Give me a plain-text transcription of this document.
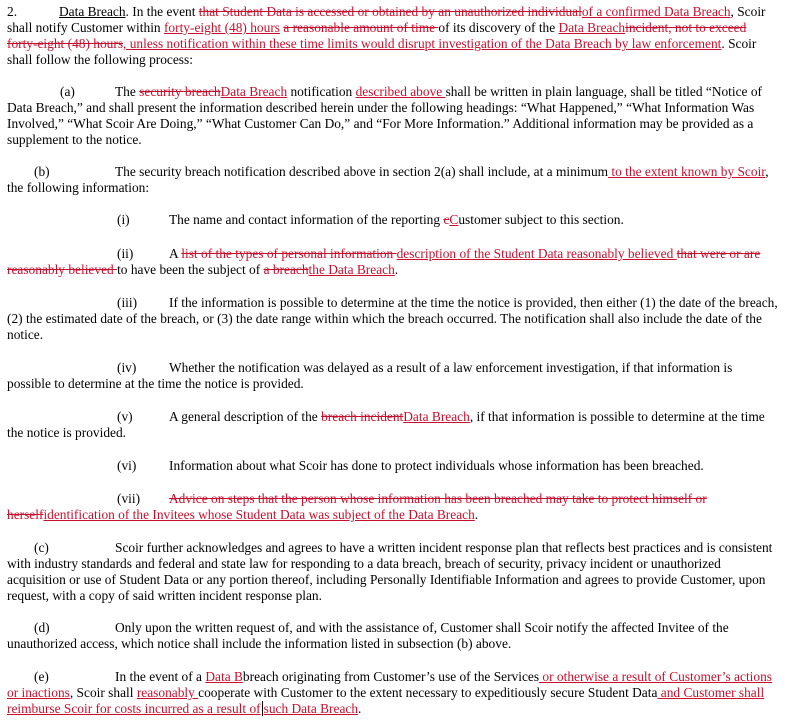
2.	Data Breach. In the event that Student Data is accessed or obtained by an unauthorized individualof a confirmed Data Breach, Scoir shall notify Customer within forty-eight (48) hours a reasonable amount of time of its discovery of the Data Breachincident, not to exceed forty-eight (48) hours, unless notification within these time limits would disrupt investigation of the Data Breach by law enforcement. Scoir shall follow the following process:

(a)	The security breachData Breach notification described above shall be written in plain language, shall be titled “Notice of Data Breach,” and shall present the information described herein under the following headings: “What Happened,” “What Information Was Involved,” “What Scoir Are Doing,” “What Customer Can Do,” and “For More Information.” Additional information may be provided as a supplement to the notice.

(b)	The security breach notification described above in section 2(a) shall include, at a minimum to the extent known by Scoir, the following information:

(i)	The name and contact information of the reporting cCustomer subject to this section.

(ii)	A list of the types of personal information description of the Student Data reasonably believed that were or are reasonably believed to have been the subject of a breachthe Data Breach.

(iii) If the information is possible to determine at the time the notice is provided, then either (1) the date of the breach, (2) the estimated date of the breach, or (3) the date range within which the breach occurred. The notification shall also include the date of the notice.

(iv) Whether the notification was delayed as a result of a law enforcement investigation, if that information is possible to determine at the time the notice is provided.

(v)	A general description of the breach incidentData Breach, if that information is possible to determine at the time the notice is provided.

(vi) Information about what Scoir has done to protect individuals whose information has been breached.

(vii) Advice on steps that the person whose information has been breached may take to protect himself or herselfidentification of the Invitees whose Student Data was subject of the Data Breach.

(c)	Scoir further acknowledges and agrees to have a written incident response plan that reflects best practices and is consistent with industry standards and federal and state law for responding to a data breach, breach of security, privacy incident or unauthorized acquisition or use of Student Data or any portion thereof, including Personally Identifiable Information and agrees to provide Customer, upon request, with a copy of said written incident response plan.

(d)	Only upon the written request of, and with the assistance of, Customer shall Scoir notify the affected Invitee of the unauthorized access, which notice shall include the information listed in subsection (b) above.

(e)	In the event of a Data Bbreach originating from Customer’s use of the Services or otherwise a result of Customer’s actions or inactions, Scoir shall reasonably cooperate with Customer to the extent necessary to expeditiously secure Student Data and Customer shall reimburse Scoir for costs incurred as a result of such Data Breach.
